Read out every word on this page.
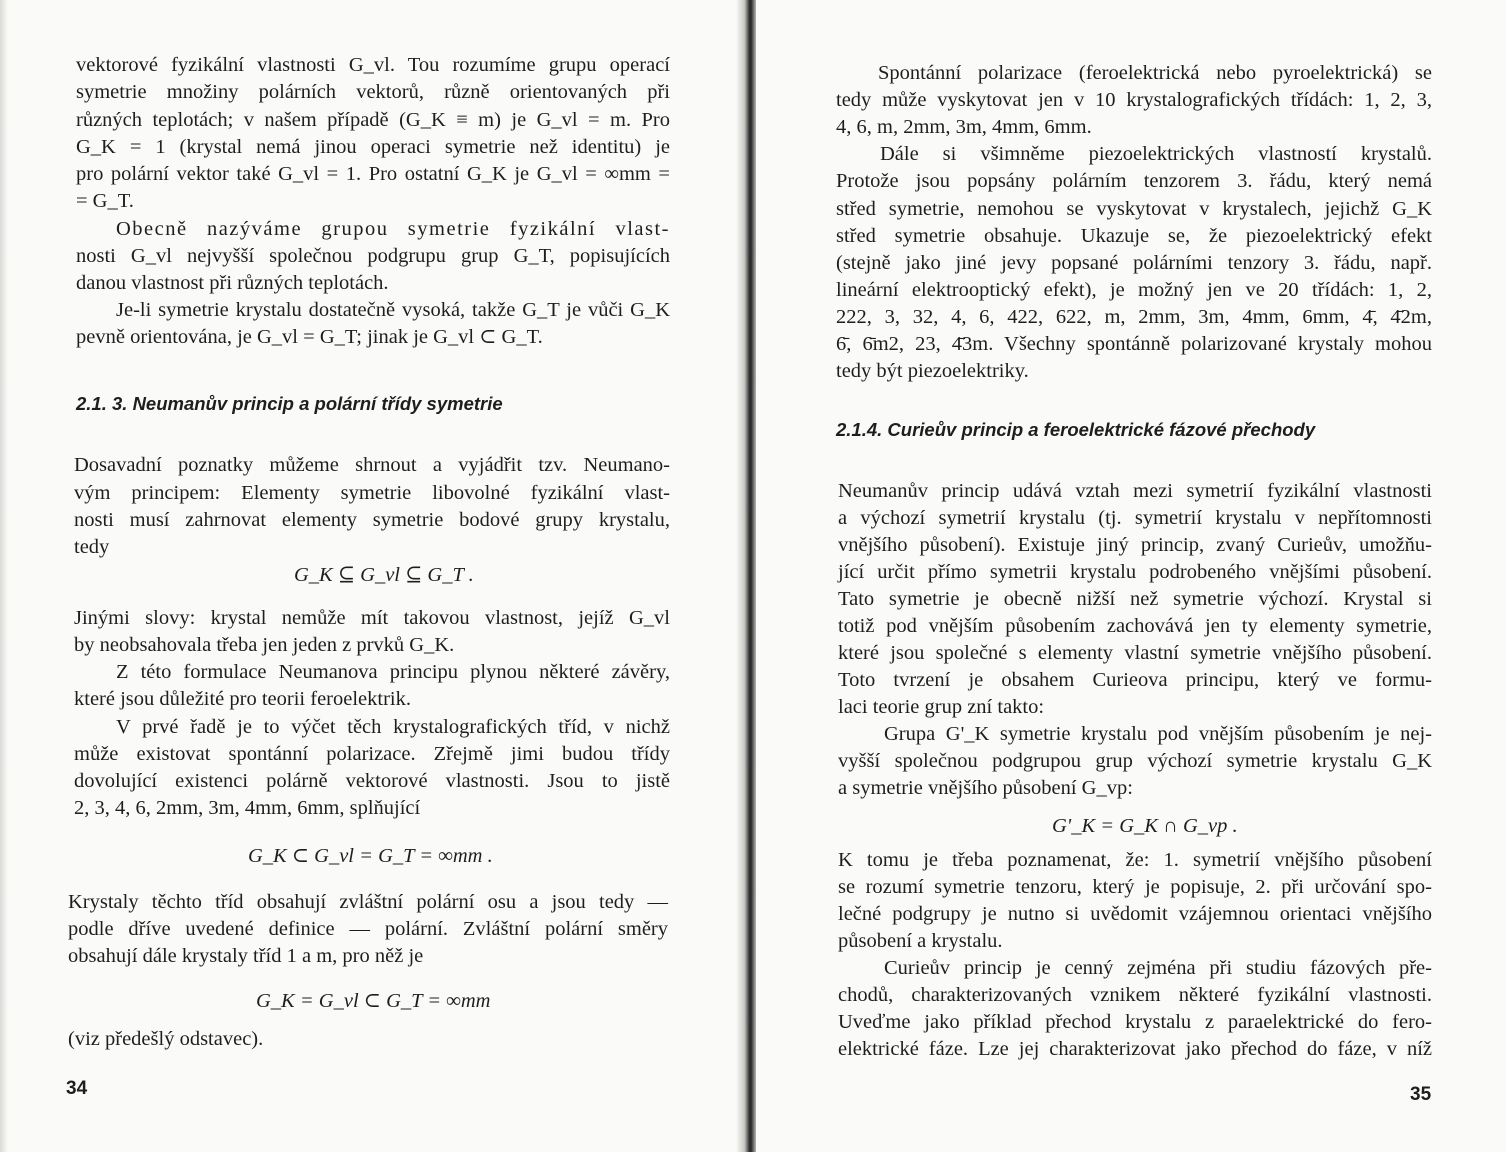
vektorové fyzikální vlastnosti G_vl. Tou rozumíme grupu operací
symetrie množiny polárních vektorů, různě orientovaných při
různých teplotách; v našem případě (G_K ≡ m) je G_vl = m. Pro
G_K = 1 (krystal nemá jinou operaci symetrie než identitu) je
pro polární vektor také G_vl = 1. Pro ostatní G_K je G_vl = ∞mm =
= G_T.
Obecně nazýváme grupou symetrie fyzikální vlast-
nosti G_vl nejvyšší společnou podgrupu grup G_T, popisujících
danou vlastnost při různých teplotách.
Je-li symetrie krystalu dostatečně vysoká, takže G_T je vůči G_K
pevně orientována, je G_vl = G_T; jinak je G_vl ⊂ G_T.
2.1. 3. Neumanův princip a polární třídy symetrie
Dosavadní poznatky můžeme shrnout a vyjádřit tzv. Neumano-
vým principem: Elementy symetrie libovolné fyzikální vlast-
nosti musí zahrnovat elementy symetrie bodové grupy krystalu,
tedy
G_K ⊆ G_vl ⊆ G_T .
Jinými slovy: krystal nemůže mít takovou vlastnost, jejíž G_vl
by neobsahovala třeba jen jeden z prvků G_K.
Z této formulace Neumanova principu plynou některé závěry,
které jsou důležité pro teorii feroelektrik.
V prvé řadě je to výčet těch krystalografických tříd, v nichž
může existovat spontánní polarizace. Zřejmě jimi budou třídy
dovolující existenci polárně vektorové vlastnosti. Jsou to jistě
2, 3, 4, 6, 2mm, 3m, 4mm, 6mm, splňující
G_K ⊂ G_vl = G_T = ∞mm .
Krystaly těchto tříd obsahují zvláštní polární osu a jsou tedy —
podle dříve uvedené definice — polární. Zvláštní polární směry
obsahují dále krystaly tříd 1 a m, pro něž je
G_K = G_vl ⊂ G_T = ∞mm
(viz předešlý odstavec).
34
Spontánní polarizace (feroelektrická nebo pyroelektrická) se
tedy může vyskytovat jen v 10 krystalografických třídách: 1, 2, 3,
4, 6, m, 2mm, 3m, 4mm, 6mm.
Dále si všimněme piezoelektrických vlastností krystalů.
Protože jsou popsány polárním tenzorem 3. řádu, který nemá
střed symetrie, nemohou se vyskytovat v krystalech, jejichž G_K
střed symetrie obsahuje. Ukazuje se, že piezoelektrický efekt
(stejně jako jiné jevy popsané polárními tenzory 3. řádu, např.
lineární elektrooptický efekt), je možný jen ve 20 třídách: 1, 2,
222, 3, 32, 4, 6, 422, 622, m, 2mm, 3m, 4mm, 6mm, 4̄, 4̄2m,
6̄, 6̄m2, 23, 4̄3m. Všechny spontánně polarizované krystaly mohou
tedy být piezoelektriky.
2.1.4. Curieův princip a feroelektrické fázové přechody
Neumanův princip udává vztah mezi symetrií fyzikální vlastnosti
a výchozí symetrií krystalu (tj. symetrií krystalu v nepřítomnosti
vnějšího působení). Existuje jiný princip, zvaný Curieův, umožňu-
jící určit přímo symetrii krystalu podrobeného vnějšími působení.
Tato symetrie je obecně nižší než symetrie výchozí. Krystal si
totiž pod vnějším působením zachovává jen ty elementy symetrie,
které jsou společné s elementy vlastní symetrie vnějšího působení.
Toto tvrzení je obsahem Curieova principu, který ve formu-
laci teorie grup zní takto:
Grupa G'_K symetrie krystalu pod vnějším působením je nej-
vyšší společnou podgrupou grup výchozí symetrie krystalu G_K
a symetrie vnějšího působení G_vp:
G'_K = G_K ∩ G_vp .
K tomu je třeba poznamenat, že: 1. symetrií vnějšího působení
se rozumí symetrie tenzoru, který je popisuje, 2. při určování spo-
lečné podgrupy je nutno si uvědomit vzájemnou orientaci vnějšího
působení a krystalu.
Curieův princip je cenný zejména při studiu fázových pře-
chodů, charakterizovaných vznikem některé fyzikální vlastnosti.
Uveďme jako příklad přechod krystalu z paraelektrické do fero-
elektrické fáze. Lze jej charakterizovat jako přechod do fáze, v níž
35
